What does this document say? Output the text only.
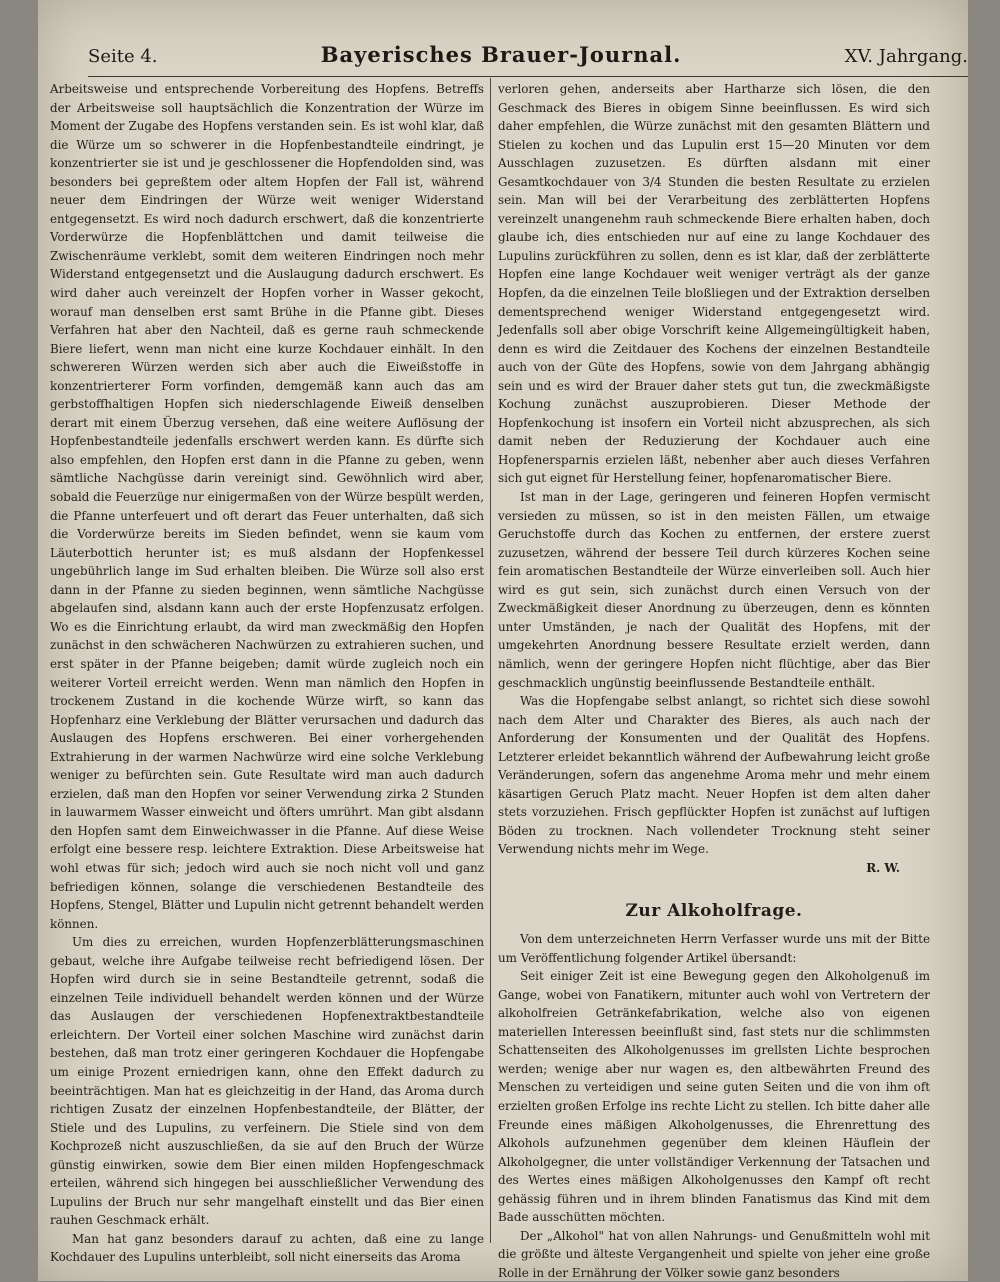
Seite 4.	Bayerisches Brauer-Journal.	XV. Jahrgang.

Arbeitsweise und entsprechende Vorbereitung des Hopfens. Betreffs der Arbeitsweise soll hauptsächlich die Konzentration der Würze im Moment der Zugabe des Hopfens verstanden sein. Es ist wohl klar, daß die Würze um so schwerer in die Hopfenbestandteile eindringt, je konzentrierter sie ist und je geschlossener die Hopfendolden sind, was besonders bei gepreßtem oder altem Hopfen der Fall ist, während neuer dem Eindringen der Würze weit weniger Widerstand entgegensetzt. Es wird noch dadurch erschwert, daß die konzentrierte Vorderwürze die Hopfenblättchen und damit teilweise die Zwischenräume verklebt, somit dem weiteren Eindringen noch mehr Widerstand entgegensetzt und die Auslaugung dadurch erschwert. Es wird daher auch vereinzelt der Hopfen vorher in Wasser gekocht, worauf man denselben erst samt Brühe in die Pfanne gibt. Dieses Verfahren hat aber den Nachteil, daß es gerne rauh schmeckende Biere liefert, wenn man nicht eine kurze Kochdauer einhält. In den schwereren Würzen werden sich aber auch die Eiweißstoffe in konzentrierterer Form vorfinden, demgemäß kann auch das am gerbstoffhaltigen Hopfen sich niederschlagende Eiweiß denselben derart mit einem Überzug versehen, daß eine weitere Auflösung der Hopfenbestandteile jedenfalls erschwert werden kann. Es dürfte sich also empfehlen, den Hopfen erst dann in die Pfanne zu geben, wenn sämtliche Nachgüsse darin vereinigt sind. Gewöhnlich wird aber, sobald die Feuerzüge nur einigermaßen von der Würze bespült werden, die Pfanne unterfeuert und oft derart das Feuer unterhalten, daß sich die Vorderwürze bereits im Sieden befindet, wenn sie kaum vom Läuterbottich herunter ist; es muß alsdann der Hopfenkessel ungebührlich lange im Sud erhalten bleiben. Die Würze soll also erst dann in der Pfanne zu sieden beginnen, wenn sämtliche Nachgüsse abgelaufen sind, alsdann kann auch der erste Hopfenzusatz erfolgen. Wo es die Einrichtung erlaubt, da wird man zweckmäßig den Hopfen zunächst in den schwächeren Nachwürzen zu extrahieren suchen, und erst später in der Pfanne beigeben; damit würde zugleich noch ein weiterer Vorteil erreicht werden. Wenn man nämlich den Hopfen in trockenem Zustand in die kochende Würze wirft, so kann das Hopfenharz eine Verklebung der Blätter verursachen und dadurch das Auslaugen des Hopfens erschweren. Bei einer vorhergehenden Extrahierung in der warmen Nachwürze wird eine solche Verklebung weniger zu befürchten sein. Gute Resultate wird man auch dadurch erzielen, daß man den Hopfen vor seiner Verwendung zirka 2 Stunden in lauwarmem Wasser einweicht und öfters umrührt. Man gibt alsdann den Hopfen samt dem Einweichwasser in die Pfanne. Auf diese Weise erfolgt eine bessere resp. leichtere Extraktion. Diese Arbeitsweise hat wohl etwas für sich; jedoch wird auch sie noch nicht voll und ganz befriedigen können, solange die verschiedenen Bestandteile des Hopfens, Stengel, Blätter und Lupulin nicht getrennt behandelt werden können.

Um dies zu erreichen, wurden Hopfenzerblätterungsmaschinen gebaut, welche ihre Aufgabe teilweise recht befriedigend lösen. Der Hopfen wird durch sie in seine Bestandteile getrennt, sodaß die einzelnen Teile individuell behandelt werden können und der Würze das Auslaugen der verschiedenen Hopfenextraktbestandteile erleichtern. Der Vorteil einer solchen Maschine wird zunächst darin bestehen, daß man trotz einer geringeren Kochdauer die Hopfengabe um einige Prozent erniedrigen kann, ohne den Effekt dadurch zu beeinträchtigen. Man hat es gleichzeitig in der Hand, das Aroma durch richtigen Zusatz der einzelnen Hopfenbestandteile, der Blätter, der Stiele und des Lupulins, zu verfeinern. Die Stiele sind von dem Kochprozeß nicht auszuschließen, da sie auf den Bruch der Würze günstig einwirken, sowie dem Bier einen milden Hopfengeschmack erteilen, während sich hingegen bei ausschließlicher Verwendung des Lupulins der Bruch nur sehr mangelhaft einstellt und das Bier einen rauhen Geschmack erhält.

Man hat ganz besonders darauf zu achten, daß eine zu lange Kochdauer des Lupulins unterbleibt, soll nicht einerseits das Aroma

verloren gehen, anderseits aber Hartharze sich lösen, die den Geschmack des Bieres in obigem Sinne beeinflussen. Es wird sich daher empfehlen, die Würze zunächst mit den gesamten Blättern und Stielen zu kochen und das Lupulin erst 15—20 Minuten vor dem Ausschlagen zuzusetzen. Es dürften alsdann mit einer Gesamtkochdauer von 3/4 Stunden die besten Resultate zu erzielen sein. Man will bei der Verarbeitung des zerblätterten Hopfens vereinzelt unangenehm rauh schmeckende Biere erhalten haben, doch glaube ich, dies entschieden nur auf eine zu lange Kochdauer des Lupulins zurückführen zu sollen, denn es ist klar, daß der zerblätterte Hopfen eine lange Kochdauer weit weniger verträgt als der ganze Hopfen, da die einzelnen Teile bloßliegen und der Extraktion derselben dementsprechend weniger Widerstand entgegengesetzt wird. Jedenfalls soll aber obige Vorschrift keine Allgemeingültigkeit haben, denn es wird die Zeitdauer des Kochens der einzelnen Bestandteile auch von der Güte des Hopfens, sowie von dem Jahrgang abhängig sein und es wird der Brauer daher stets gut tun, die zweckmäßigste Kochung zunächst auszuprobieren. Dieser Methode der Hopfenkochung ist insofern ein Vorteil nicht abzusprechen, als sich damit neben der Reduzierung der Kochdauer auch eine Hopfenersparnis erzielen läßt, nebenher aber auch dieses Verfahren sich gut eignet für Herstellung feiner, hopfenaromatischer Biere.

Ist man in der Lage, geringeren und feineren Hopfen vermischt versieden zu müssen, so ist in den meisten Fällen, um etwaige Geruchstoffe durch das Kochen zu entfernen, der erstere zuerst zuzusetzen, während der bessere Teil durch kürzeres Kochen seine fein aromatischen Bestandteile der Würze einverleiben soll. Auch hier wird es gut sein, sich zunächst durch einen Versuch von der Zweckmäßigkeit dieser Anordnung zu überzeugen, denn es könnten unter Umständen, je nach der Qualität des Hopfens, mit der umgekehrten Anordnung bessere Resultate erzielt werden, dann nämlich, wenn der geringere Hopfen nicht flüchtige, aber das Bier geschmacklich ungünstig beeinflussende Bestandteile enthält.

Was die Hopfengabe selbst anlangt, so richtet sich diese sowohl nach dem Alter und Charakter des Bieres, als auch nach der Anforderung der Konsumenten und der Qualität des Hopfens. Letzterer erleidet bekanntlich während der Aufbewahrung leicht große Veränderungen, sofern das angenehme Aroma mehr und mehr einem käsartigen Geruch Platz macht. Neuer Hopfen ist dem alten daher stets vorzuziehen. Frisch gepflückter Hopfen ist zunächst auf luftigen Böden zu trocknen. Nach vollendeter Trocknung steht seiner Verwendung nichts mehr im Wege.

R. W.
Zur Alkoholfrage.

Von dem unterzeichneten Herrn Verfasser wurde uns mit der Bitte um Veröffentlichung folgender Artikel übersandt:

Seit einiger Zeit ist eine Bewegung gegen den Alkoholgenuß im Gange, wobei von Fanatikern, mitunter auch wohl von Vertretern der alkoholfreien Getränkefabrikation, welche also von eigenen materiellen Interessen beeinflußt sind, fast stets nur die schlimmsten Schattenseiten des Alkoholgenusses im grellsten Lichte besprochen werden; wenige aber nur wagen es, den altbewährten Freund des Menschen zu verteidigen und seine guten Seiten und die von ihm oft erzielten großen Erfolge ins rechte Licht zu stellen. Ich bitte daher alle Freunde eines mäßigen Alkoholgenusses, die Ehrenrettung des Alkohols aufzunehmen gegenüber dem kleinen Häuflein der Alkoholgegner, die unter vollständiger Verkennung der Tatsachen und des Wertes eines mäßigen Alkoholgenusses den Kampf oft recht gehässig führen und in ihrem blinden Fanatismus das Kind mit dem Bade ausschütten möchten.

Der „Alkohol" hat von allen Nahrungs- und Genußmitteln wohl mit die größte und älteste Vergangenheit und spielte von jeher eine große Rolle in der Ernährung der Völker sowie ganz besonders
